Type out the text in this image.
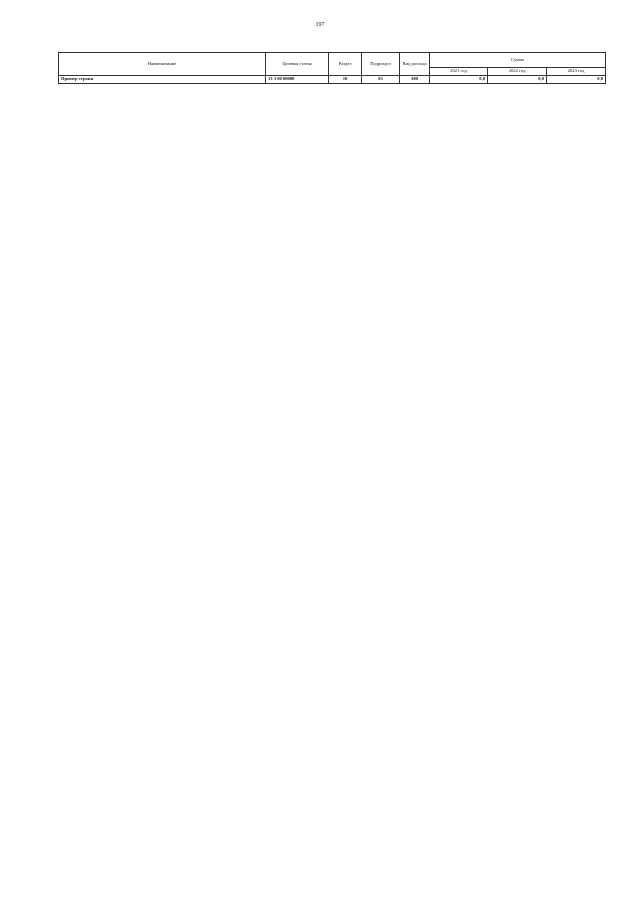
197
Наименование	Целевая статья	Раздел	Подраздел	Вид расхода	Сумма		
					2021 год	2022 год	2023 год
Пример строки	13 3 00 00000	10	03	300	0,0	0,0	0,0
